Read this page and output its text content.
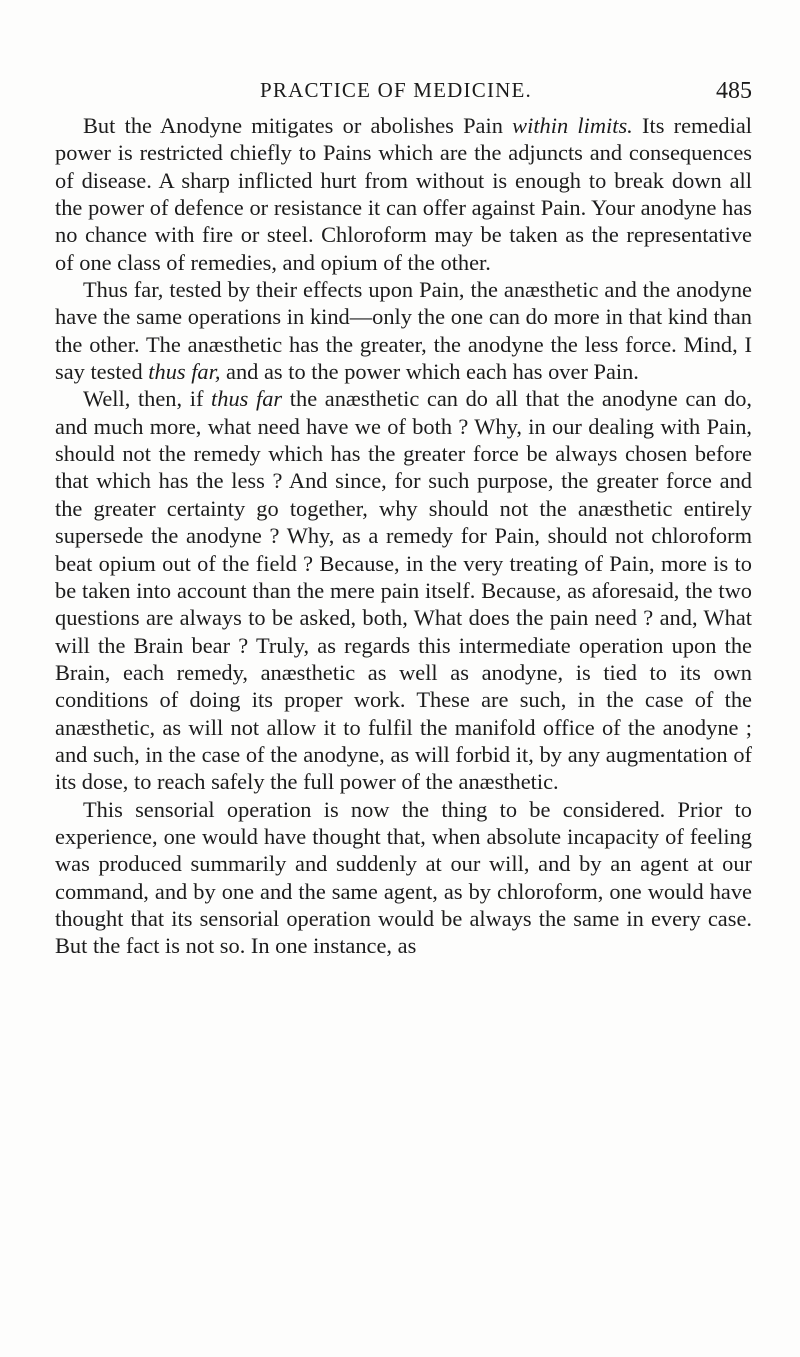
PRACTICE OF MEDICINE.	485

But the Anodyne mitigates or abolishes Pain within limits. Its remedial power is restricted chiefly to Pains which are the adjuncts and consequences of disease. A sharp inflicted hurt from without is enough to break down all the power of defence or resistance it can offer against Pain. Your anodyne has no chance with fire or steel. Chloroform may be taken as the representative of one class of remedies, and opium of the other.

Thus far, tested by their effects upon Pain, the anæsthetic and the anodyne have the same operations in kind—only the one can do more in that kind than the other. The anæsthetic has the greater, the anodyne the less force. Mind, I say tested thus far, and as to the power which each has over Pain.

Well, then, if thus far the anæsthetic can do all that the anodyne can do, and much more, what need have we of both ? Why, in our dealing with Pain, should not the remedy which has the greater force be always chosen before that which has the less ? And since, for such purpose, the greater force and the greater certainty go together, why should not the anæsthetic entirely supersede the anodyne ? Why, as a remedy for Pain, should not chloroform beat opium out of the field ? Because, in the very treating of Pain, more is to be taken into account than the mere pain itself. Because, as aforesaid, the two questions are always to be asked, both, What does the pain need ? and, What will the Brain bear ? Truly, as regards this intermediate operation upon the Brain, each remedy, anæsthetic as well as anodyne, is tied to its own conditions of doing its proper work. These are such, in the case of the anæsthetic, as will not allow it to fulfil the manifold office of the anodyne ; and such, in the case of the anodyne, as will forbid it, by any augmentation of its dose, to reach safely the full power of the anæsthetic.

This sensorial operation is now the thing to be considered. Prior to experience, one would have thought that, when absolute incapacity of feeling was produced summarily and suddenly at our will, and by an agent at our command, and by one and the same agent, as by chloroform, one would have thought that its sensorial operation would be always the same in every case. But the fact is not so. In one instance, as
